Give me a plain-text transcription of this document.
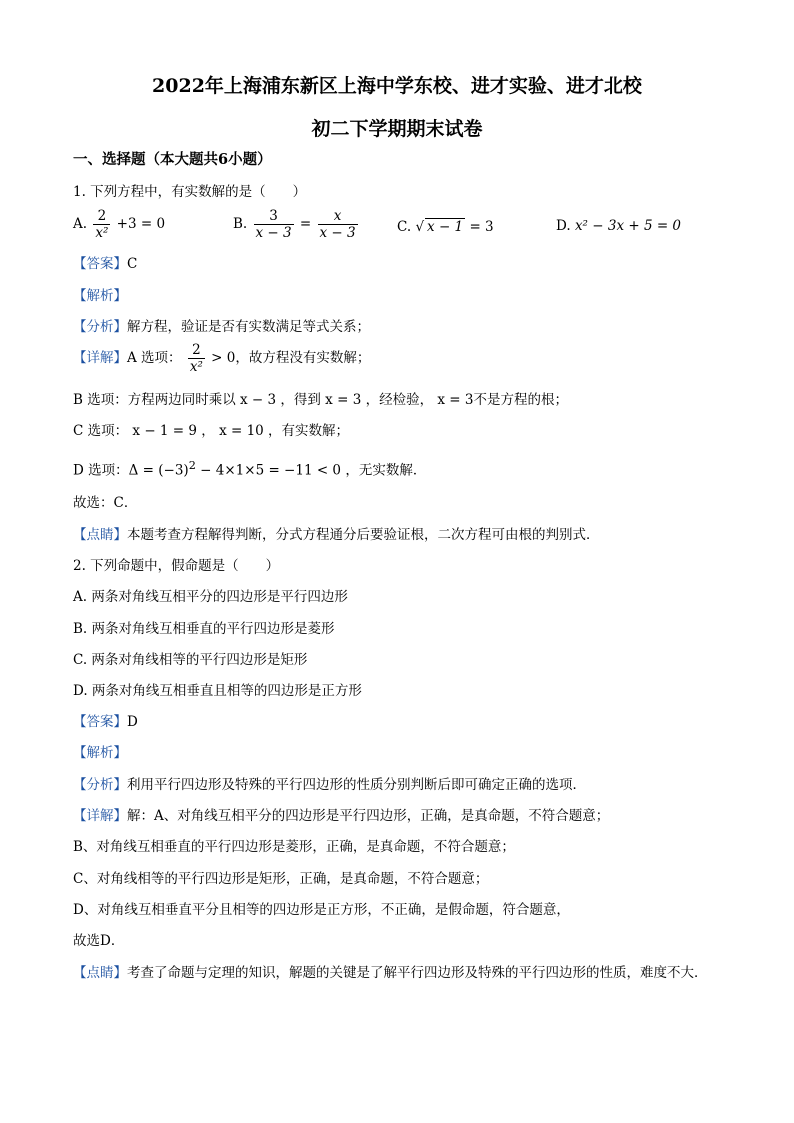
2022年上海浦东新区上海中学东校、进才实验、进才北校
初二下学期期末试卷
一、选择题（本大题共6小题）
1. 下列方程中，有实数解的是（　　）
A. $\frac{2}{\text{x²}} +3 = 0$	B. $\frac{3}{x - 3} = \frac{x}{x - 3}$	C. √ x − 1 = 3	D. x² − 3x + 5 = 0
【答案】C
【解析】
【分析】解方程，验证是否有实数满足等式关系；
【详解】A 选项： $\frac{2}{\text{x²}} > 0$，故方程没有实数解；
B 选项：方程两边同时乘以 x − 3 ，得到 x = 3 ，经检验， x = 3不是方程的根；
C 选项： x − 1 = 9 ， x = 10 ，有实数解；
D 选项：$\Delta = (-3)^2 - 4\times 1\times 5 = -11 < 0$ ，无实数解．
故选：C．
【点睛】本题考查方程解得判断，分式方程通分后要验证根，二次方程可由根的判别式．
2. 下列命题中，假命题是（　　）
A. 两条对角线互相平分的四边形是平行四边形
B. 两条对角线互相垂直的平行四边形是菱形
C. 两条对角线相等的平行四边形是矩形
D. 两条对角线互相垂直且相等的四边形是正方形
【答案】D
【解析】
【分析】利用平行四边形及特殊的平行四边形的性质分别判断后即可确定正确的选项．
【详解】解：A、对角线互相平分的四边形是平行四边形，正确，是真命题，不符合题意；
B、对角线互相垂直的平行四边形是菱形，正确，是真命题，不符合题意；
C、对角线相等的平行四边形是矩形，正确，是真命题，不符合题意；
D、对角线互相垂直平分且相等的四边形是正方形，不正确，是假命题，符合题意，
故选D．
【点睛】考查了命题与定理的知识，解题的关键是了解平行四边形及特殊的平行四边形的性质，难度不大．
